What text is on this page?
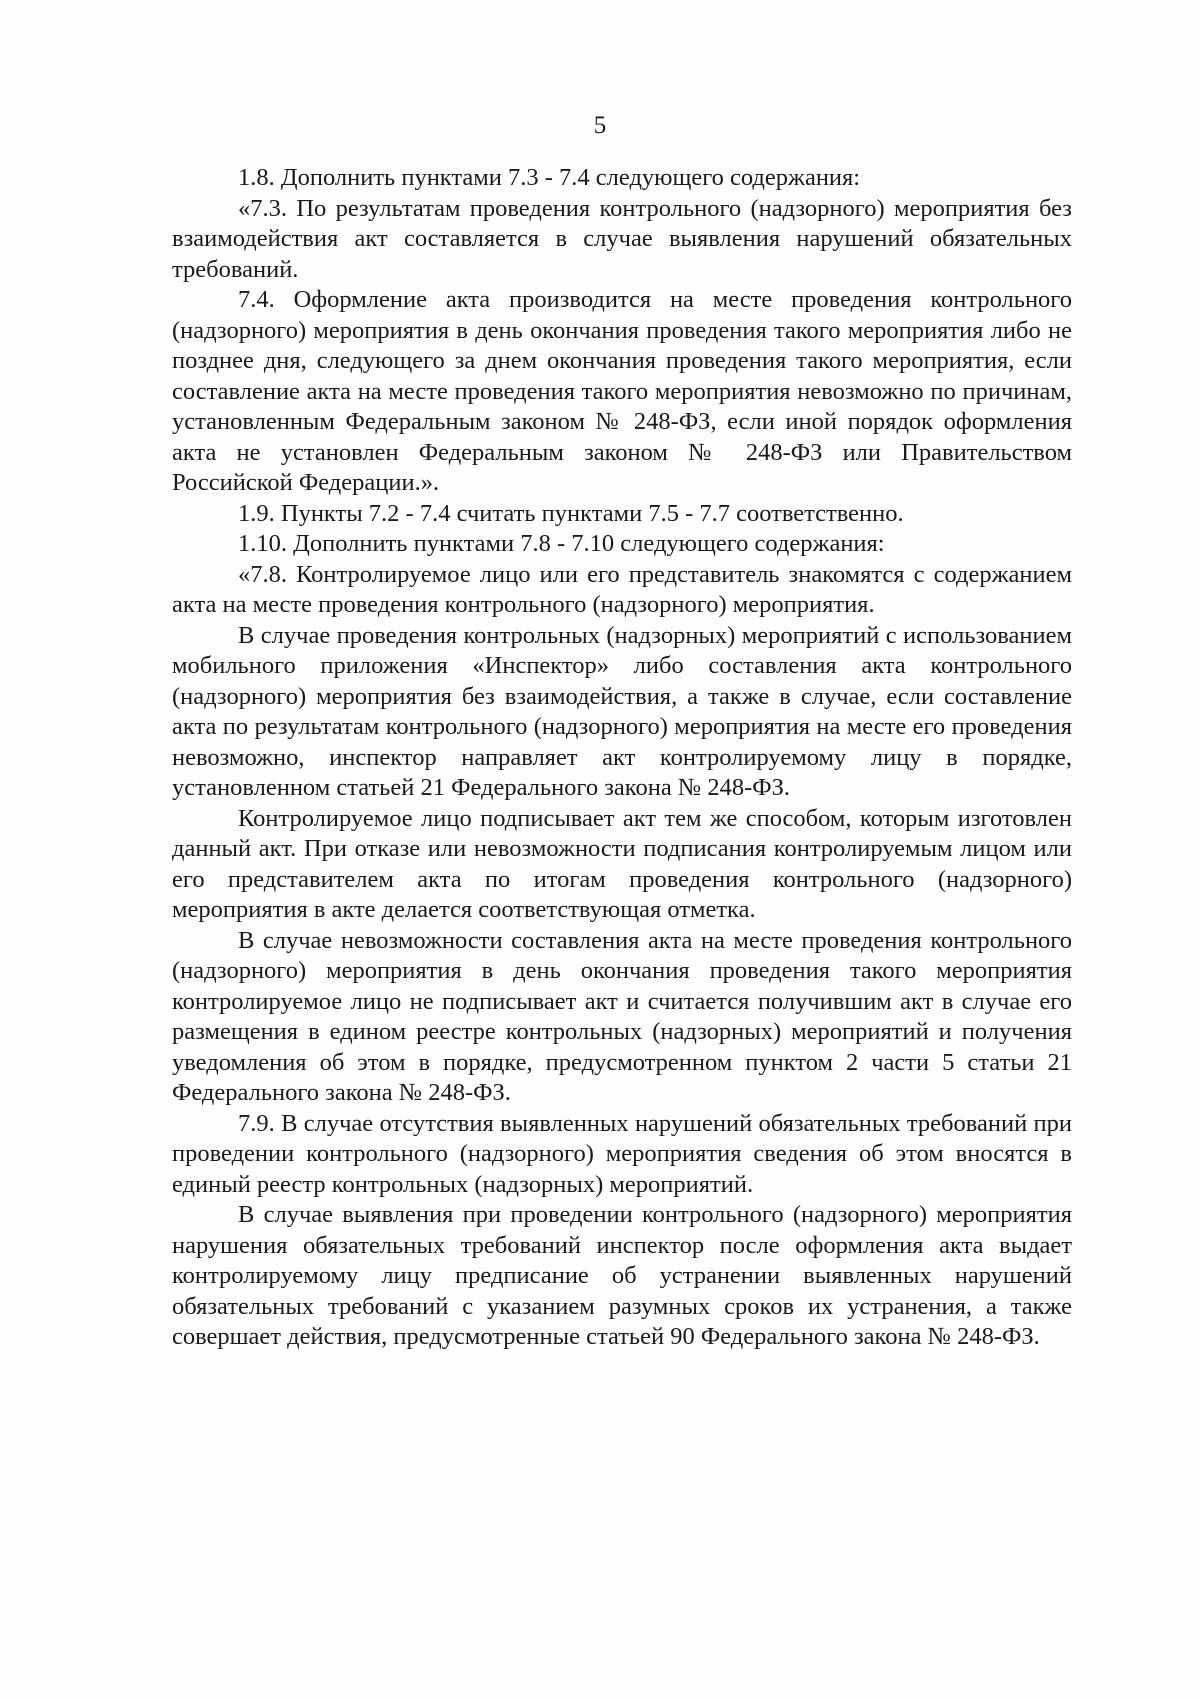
5

1.8. Дополнить пунктами 7.3 - 7.4 следующего содержания:

«7.3. По результатам проведения контрольного (надзорного) мероприятия без взаимодействия акт составляется в случае выявления нарушений обязательных требований.

7.4. Оформление акта производится на месте проведения контрольного (надзорного) мероприятия в день окончания проведения такого мероприятия либо не позднее дня, следующего за днем окончания проведения такого мероприятия, если составление акта на месте проведения такого мероприятия невозможно по причинам, установленным Федеральным законом № 248-ФЗ, если иной порядок оформления акта не установлен Федеральным законом № 248-ФЗ или Правительством Российской Федерации.».

1.9. Пункты 7.2 - 7.4 считать пунктами 7.5 - 7.7 соответственно.

1.10. Дополнить пунктами 7.8 - 7.10 следующего содержания:

«7.8. Контролируемое лицо или его представитель знакомятся с содержанием акта на месте проведения контрольного (надзорного) мероприятия.

В случае проведения контрольных (надзорных) мероприятий с использованием мобильного приложения «Инспектор» либо составления акта контрольного (надзорного) мероприятия без взаимодействия, а также в случае, если составление акта по результатам контрольного (надзорного) мероприятия на месте его проведения невозможно, инспектор направляет акт контролируемому лицу в порядке, установленном статьей 21 Федерального закона № 248-ФЗ.

Контролируемое лицо подписывает акт тем же способом, которым изготовлен данный акт. При отказе или невозможности подписания контролируемым лицом или его представителем акта по итогам проведения контрольного (надзорного) мероприятия в акте делается соответствующая отметка.

В случае невозможности составления акта на месте проведения контрольного (надзорного) мероприятия в день окончания проведения такого мероприятия контролируемое лицо не подписывает акт и считается получившим акт в случае его размещения в едином реестре контрольных (надзорных) мероприятий и получения уведомления об этом в порядке, предусмотренном пунктом 2 части 5 статьи 21 Федерального закона № 248-ФЗ.

7.9. В случае отсутствия выявленных нарушений обязательных требований при проведении контрольного (надзорного) мероприятия сведения об этом вносятся в единый реестр контрольных (надзорных) мероприятий.

В случае выявления при проведении контрольного (надзорного) мероприятия нарушения обязательных требований инспектор после оформления акта выдает контролируемому лицу предписание об устранении выявленных нарушений обязательных требований с указанием разумных сроков их устранения, а также совершает действия, предусмотренные статьей 90 Федерального закона № 248-ФЗ.
